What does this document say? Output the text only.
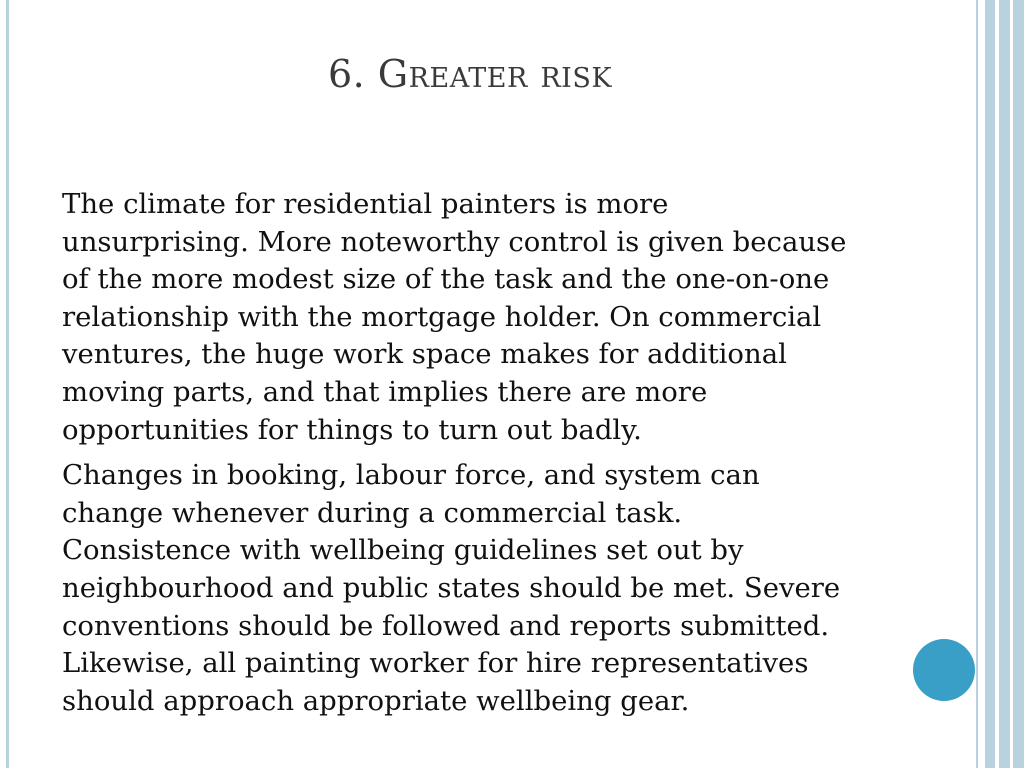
6. Greater risk

The climate for residential painters is more
unsurprising. More noteworthy control is given because
of the more modest size of the task and the one-on-one
relationship with the mortgage holder. On commercial
ventures, the huge work space makes for additional
moving parts, and that implies there are more
opportunities for things to turn out badly.

Changes in booking, labour force, and system can
change whenever during a commercial task.
Consistence with wellbeing guidelines set out by
neighbourhood and public states should be met. Severe
conventions should be followed and reports submitted.
Likewise, all painting worker for hire representatives
should approach appropriate wellbeing gear.
